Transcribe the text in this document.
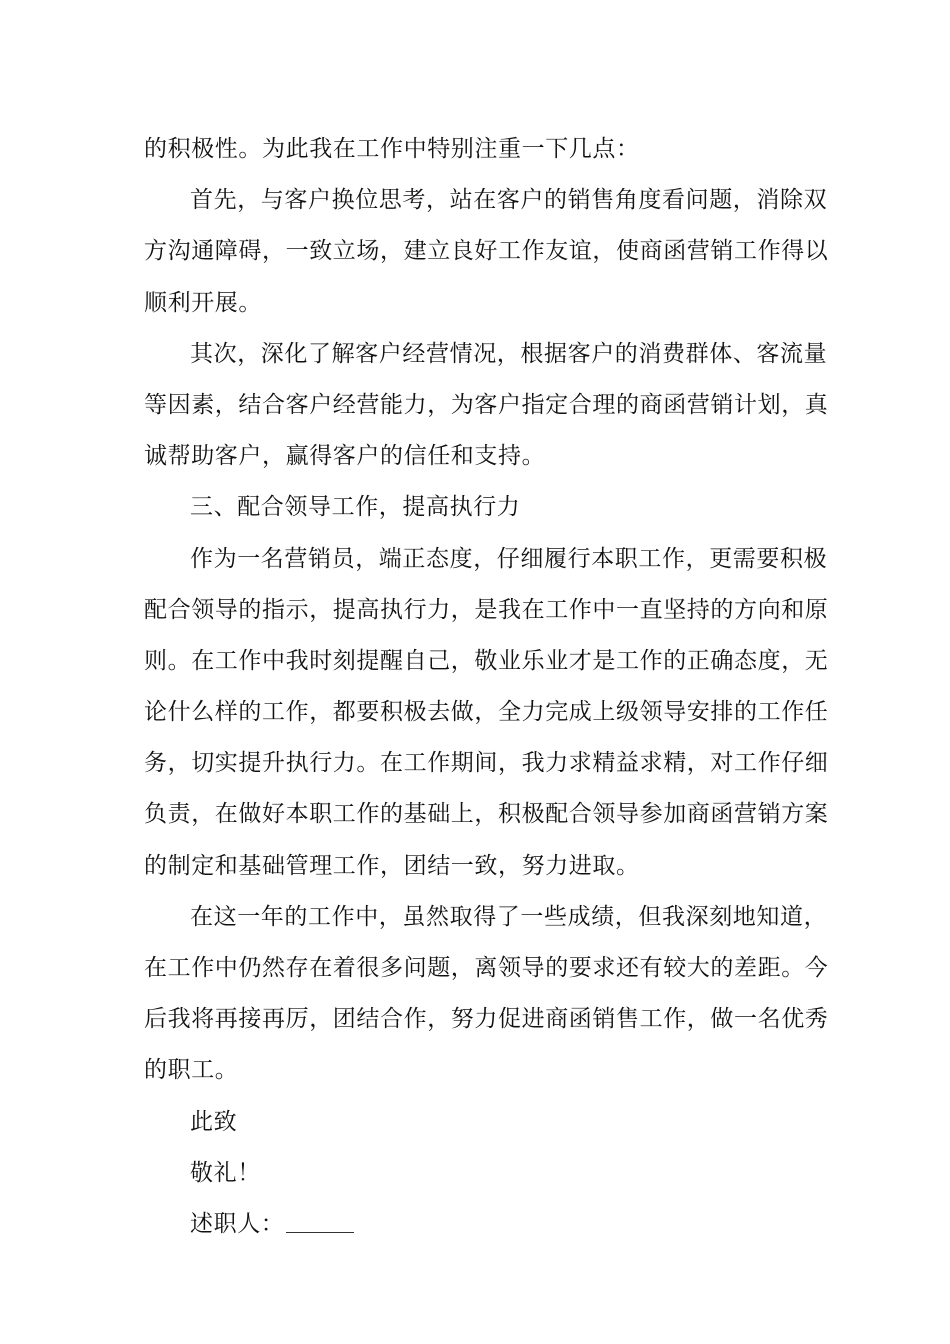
的积极性。为此我在工作中特别注重一下几点：
首先，与客户换位思考，站在客户的销售角度看问题，消除双
方沟通障碍，一致立场，建立良好工作友谊，使商函营销工作得以
顺利开展。
其次，深化了解客户经营情况，根据客户的消费群体、客流量
等因素，结合客户经营能力，为客户指定合理的商函营销计划，真
诚帮助客户，赢得客户的信任和支持。
三、配合领导工作，提高执行力
作为一名营销员，端正态度，仔细履行本职工作，更需要积极
配合领导的指示，提高执行力，是我在工作中一直坚持的方向和原
则。在工作中我时刻提醒自己，敬业乐业才是工作的正确态度，无
论什么样的工作，都要积极去做，全力完成上级领导安排的工作任
务，切实提升执行力。在工作期间，我力求精益求精，对工作仔细
负责，在做好本职工作的基础上，积极配合领导参加商函营销方案
的制定和基础管理工作，团结一致，努力进取。
在这一年的工作中，虽然取得了一些成绩，但我深刻地知道，
在工作中仍然存在着很多问题，离领导的要求还有较大的差距。今
后我将再接再厉，团结合作，努力促进商函销售工作，做一名优秀
的职工。
此致
敬礼！
述职人：
